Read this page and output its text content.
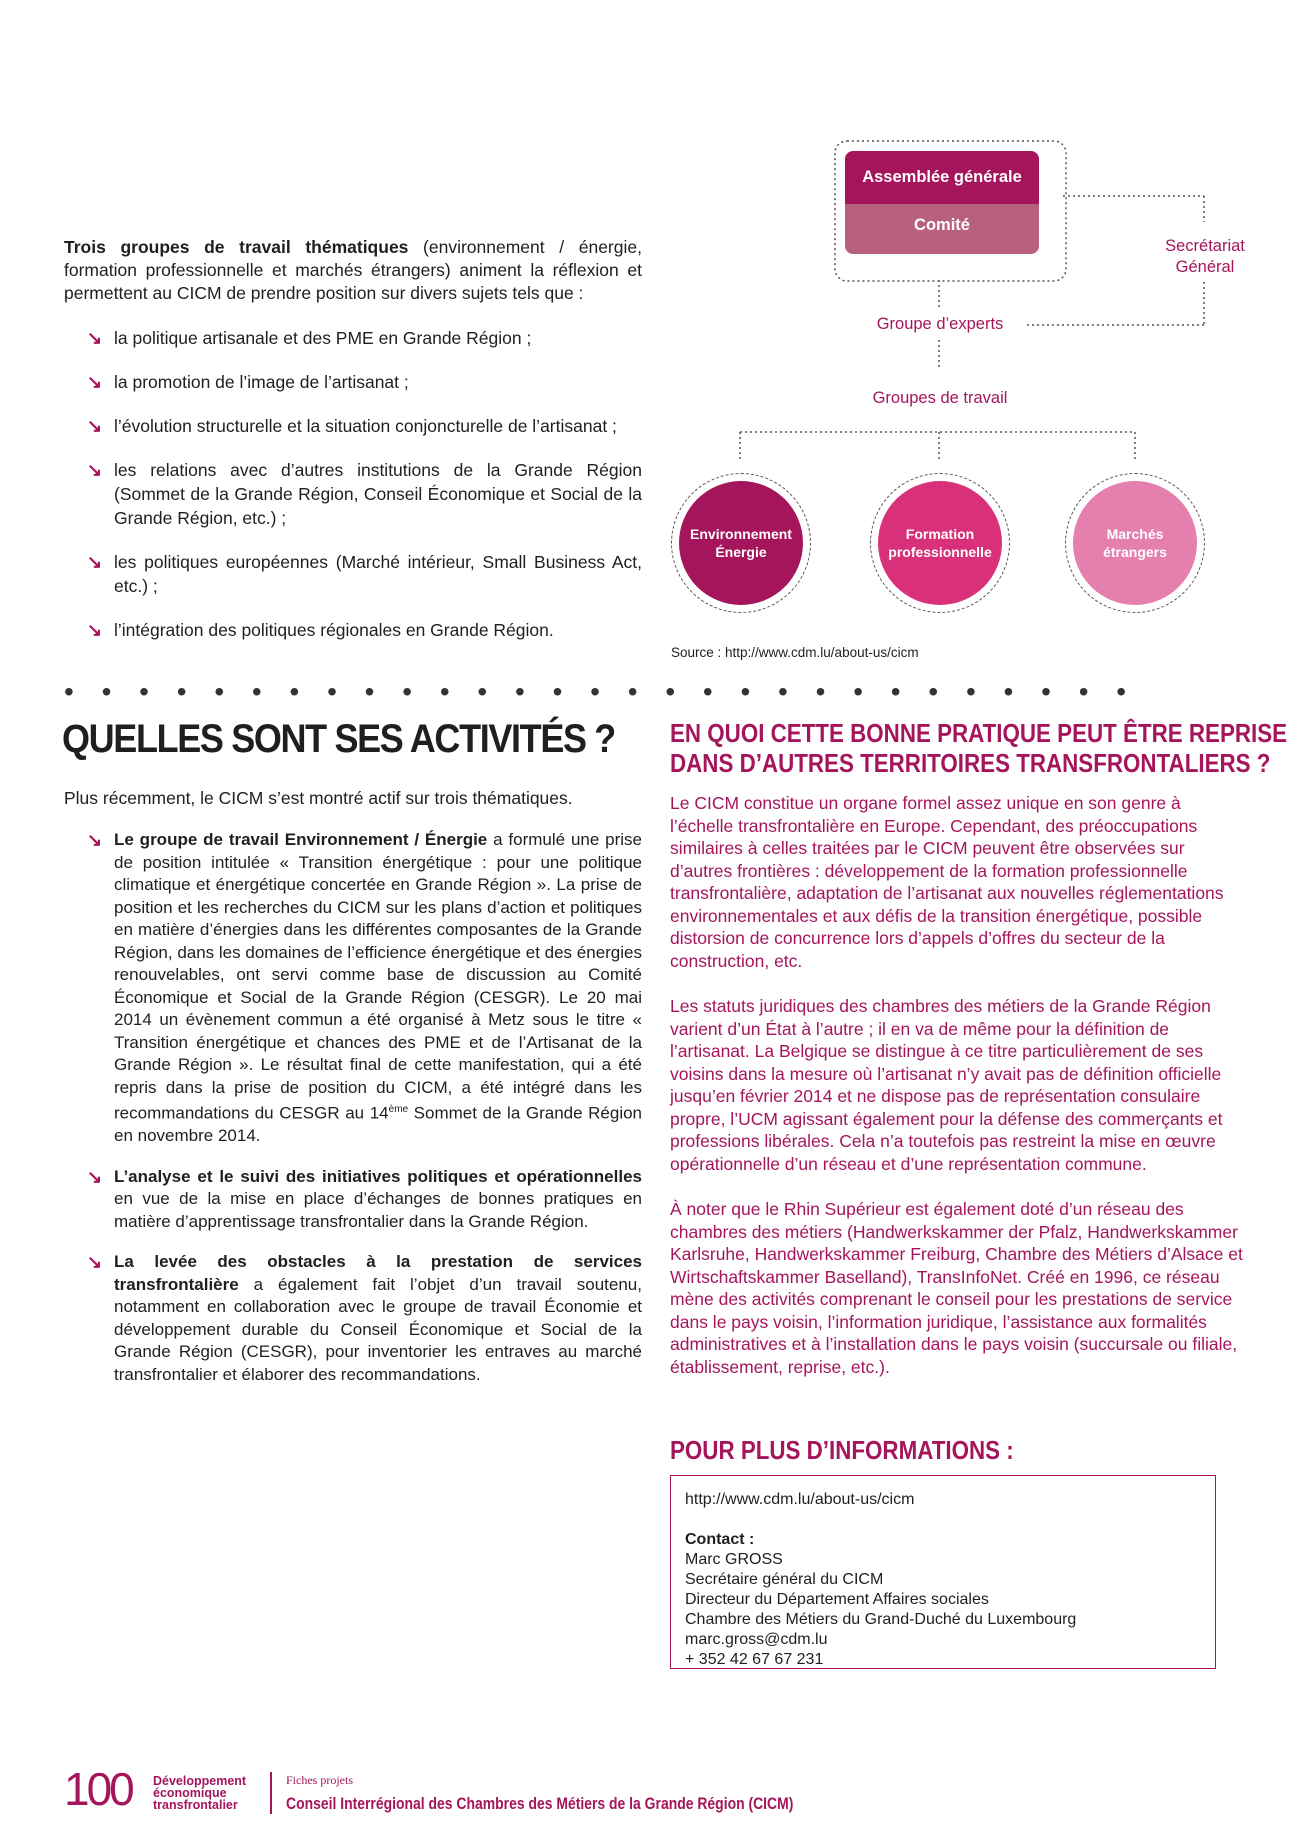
Trois groupes de travail thématiques (environnement / énergie, formation professionnelle et marchés étrangers) animent la réflexion et permettent au CICM de prendre position sur divers sujets tels que :
↘ la politique artisanale et des PME en Grande Région ;
↘ la promotion de l’image de l’artisanat ;
↘ l’évolution structurelle et la situation conjoncturelle de l’artisanat ;
↘ les relations avec d’autres institutions de la Grande Région (Sommet de la Grande Région, Conseil Économique et Social de la Grande Région, etc.) ;
↘ les politiques européennes (Marché intérieur, Small Business Act, etc.) ;
↘ l’intégration des politiques régionales en Grande Région.
Assemblée générale
Comité
Secrétariat
Général
Groupe d’experts
Groupes de travail
Environnement
Énergie
Formation
professionnelle
Marchés
étrangers
Source : http://www.cdm.lu/about-us/cicm
• • • • • • • • • • • • • • • • • • • • • • • • • • • • •
QUELLES SONT SES ACTIVITÉS ?
Plus récemment, le CICM s’est montré actif sur trois thématiques.
↘ Le groupe de travail Environnement / Énergie a formulé une prise de position intitulée « Transition énergétique : pour une politique climatique et énergétique concertée en Grande Région ». La prise de position et les recherches du CICM sur les plans d’action et politiques en matière d’énergies dans les différentes composantes de la Grande Région, dans les domaines de l’efficience énergétique et des énergies renouvelables, ont servi comme base de discussion au Comité Économique et Social de la Grande Région (CESGR). Le 20 mai 2014 un évènement commun a été organisé à Metz sous le titre « Transition énergétique et chances des PME et de l’Artisanat de la Grande Région ». Le résultat final de cette manifestation, qui a été repris dans la prise de position du CICM, a été intégré dans les recommandations du CESGR au 14ème Sommet de la Grande Région en novembre 2014.
↘ L’analyse et le suivi des initiatives politiques et opérationnelles en vue de la mise en place d’échanges de bonnes pratiques en matière d’apprentissage transfrontalier dans la Grande Région.
↘ La levée des obstacles à la prestation de services transfrontalière a également fait l’objet d’un travail soutenu, notamment en collaboration avec le groupe de travail Économie et développement durable du Conseil Économique et Social de la Grande Région (CESGR), pour inventorier les entraves au marché transfrontalier et élaborer des recommandations.
EN QUOI CETTE BONNE PRATIQUE PEUT ÊTRE REPRISE
DANS D’AUTRES TERRITOIRES TRANSFRONTALIERS ?

Le CICM constitue un organe formel assez unique en son genre à l’échelle transfrontalière en Europe. Cependant, des préoccupations similaires à celles traitées par le CICM peuvent être observées sur d’autres frontières : développement de la formation professionnelle transfrontalière, adaptation de l’artisanat aux nouvelles réglementations environnementales et aux défis de la transition énergétique, possible distorsion de concurrence lors d’appels d’offres du secteur de la construction, etc.

Les statuts juridiques des chambres des métiers de la Grande Région varient d’un État à l’autre ; il en va de même pour la définition de l’artisanat. La Belgique se distingue à ce titre particulièrement de ses voisins dans la mesure où l’artisanat n’y avait pas de définition officielle jusqu’en février 2014 et ne dispose pas de représentation consulaire propre, l’UCM agissant également pour la défense des commerçants et professions libérales. Cela n’a toutefois pas restreint la mise en œuvre opérationnelle d’un réseau et d’une représentation commune.

À noter que le Rhin Supérieur est également doté d’un réseau des chambres des métiers (Handwerkskammer der Pfalz, Handwerkskammer Karlsruhe, Handwerkskammer Freiburg, Chambre des Métiers d’Alsace et Wirtschaftskammer Baselland), TransInfoNet. Créé en 1996, ce réseau mène des activités comprenant le conseil pour les prestations de service dans le pays voisin, l’information juridique, l’assistance aux formalités administratives et à l’installation dans le pays voisin (succursale ou filiale, établissement, reprise, etc.).

POUR PLUS D’INFORMATIONS :
http://www.cdm.lu/about-us/cicm
Contact :
Marc GROSS
Secrétaire général du CICM
Directeur du Département Affaires sociales
Chambre des Métiers du Grand-Duché du Luxembourg
marc.gross@cdm.lu
+ 352 42 67 67 231
100 Développement
économique
transfrontalier
Fiches projets
Conseil Interrégional des Chambres des Métiers de la Grande Région (CICM)
